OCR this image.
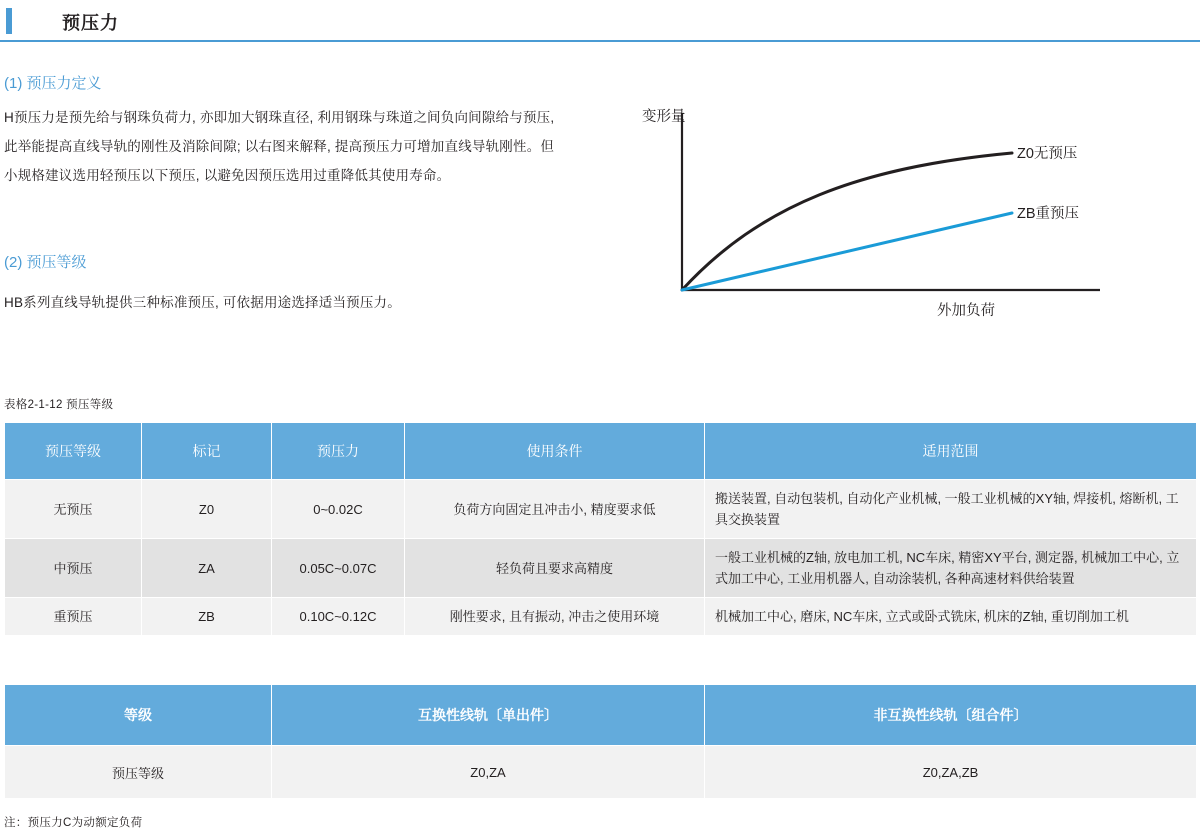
预压力
(1) 预压力定义
H预压力是预先给与钢珠负荷力, 亦即加大钢珠直径, 利用钢珠与珠道之间负向间隙给与预压, 此举能提高直线导轨的刚性及消除间隙; 以右图来解释, 提高预压力可增加直线导轨刚性。但小规格建议选用轻预压以下预压, 以避免因预压选用过重降低其使用寿命。
(2) 预压等级
HB系列直线导轨提供三种标准预压, 可依据用途选择适当预压力。
变形量
Z0无预压
ZB重预压
外加负荷
表格2-1-12 预压等级
预压等级	标记	预压力	使用条件	适用范围
无预压	Z0	0~0.02C	负荷方向固定且冲击小, 精度要求低	搬送装置, 自动包装机, 自动化产业机械, 一般工业机械的XY轴, 焊接机, 熔断机, 工具交换装置
中预压	ZA	0.05C~0.07C	轻负荷且要求高精度	一般工业机械的Z轴, 放电加工机, NC车床, 精密XY平台, 测定器, 机械加工中心, 立式加工中心, 工业用机器人, 自动涂装机, 各种高速材料供给装置
重预压	ZB	0.10C~0.12C	刚性要求, 且有振动, 冲击之使用环境	机械加工中心, 磨床, NC车床, 立式或卧式铣床, 机床的Z轴, 重切削加工机
等级	互换性线轨〔单出件〕	非互换性线轨〔组合件〕
预压等级	Z0,ZA	Z0,ZA,ZB
注：预压力C为动额定负荷
